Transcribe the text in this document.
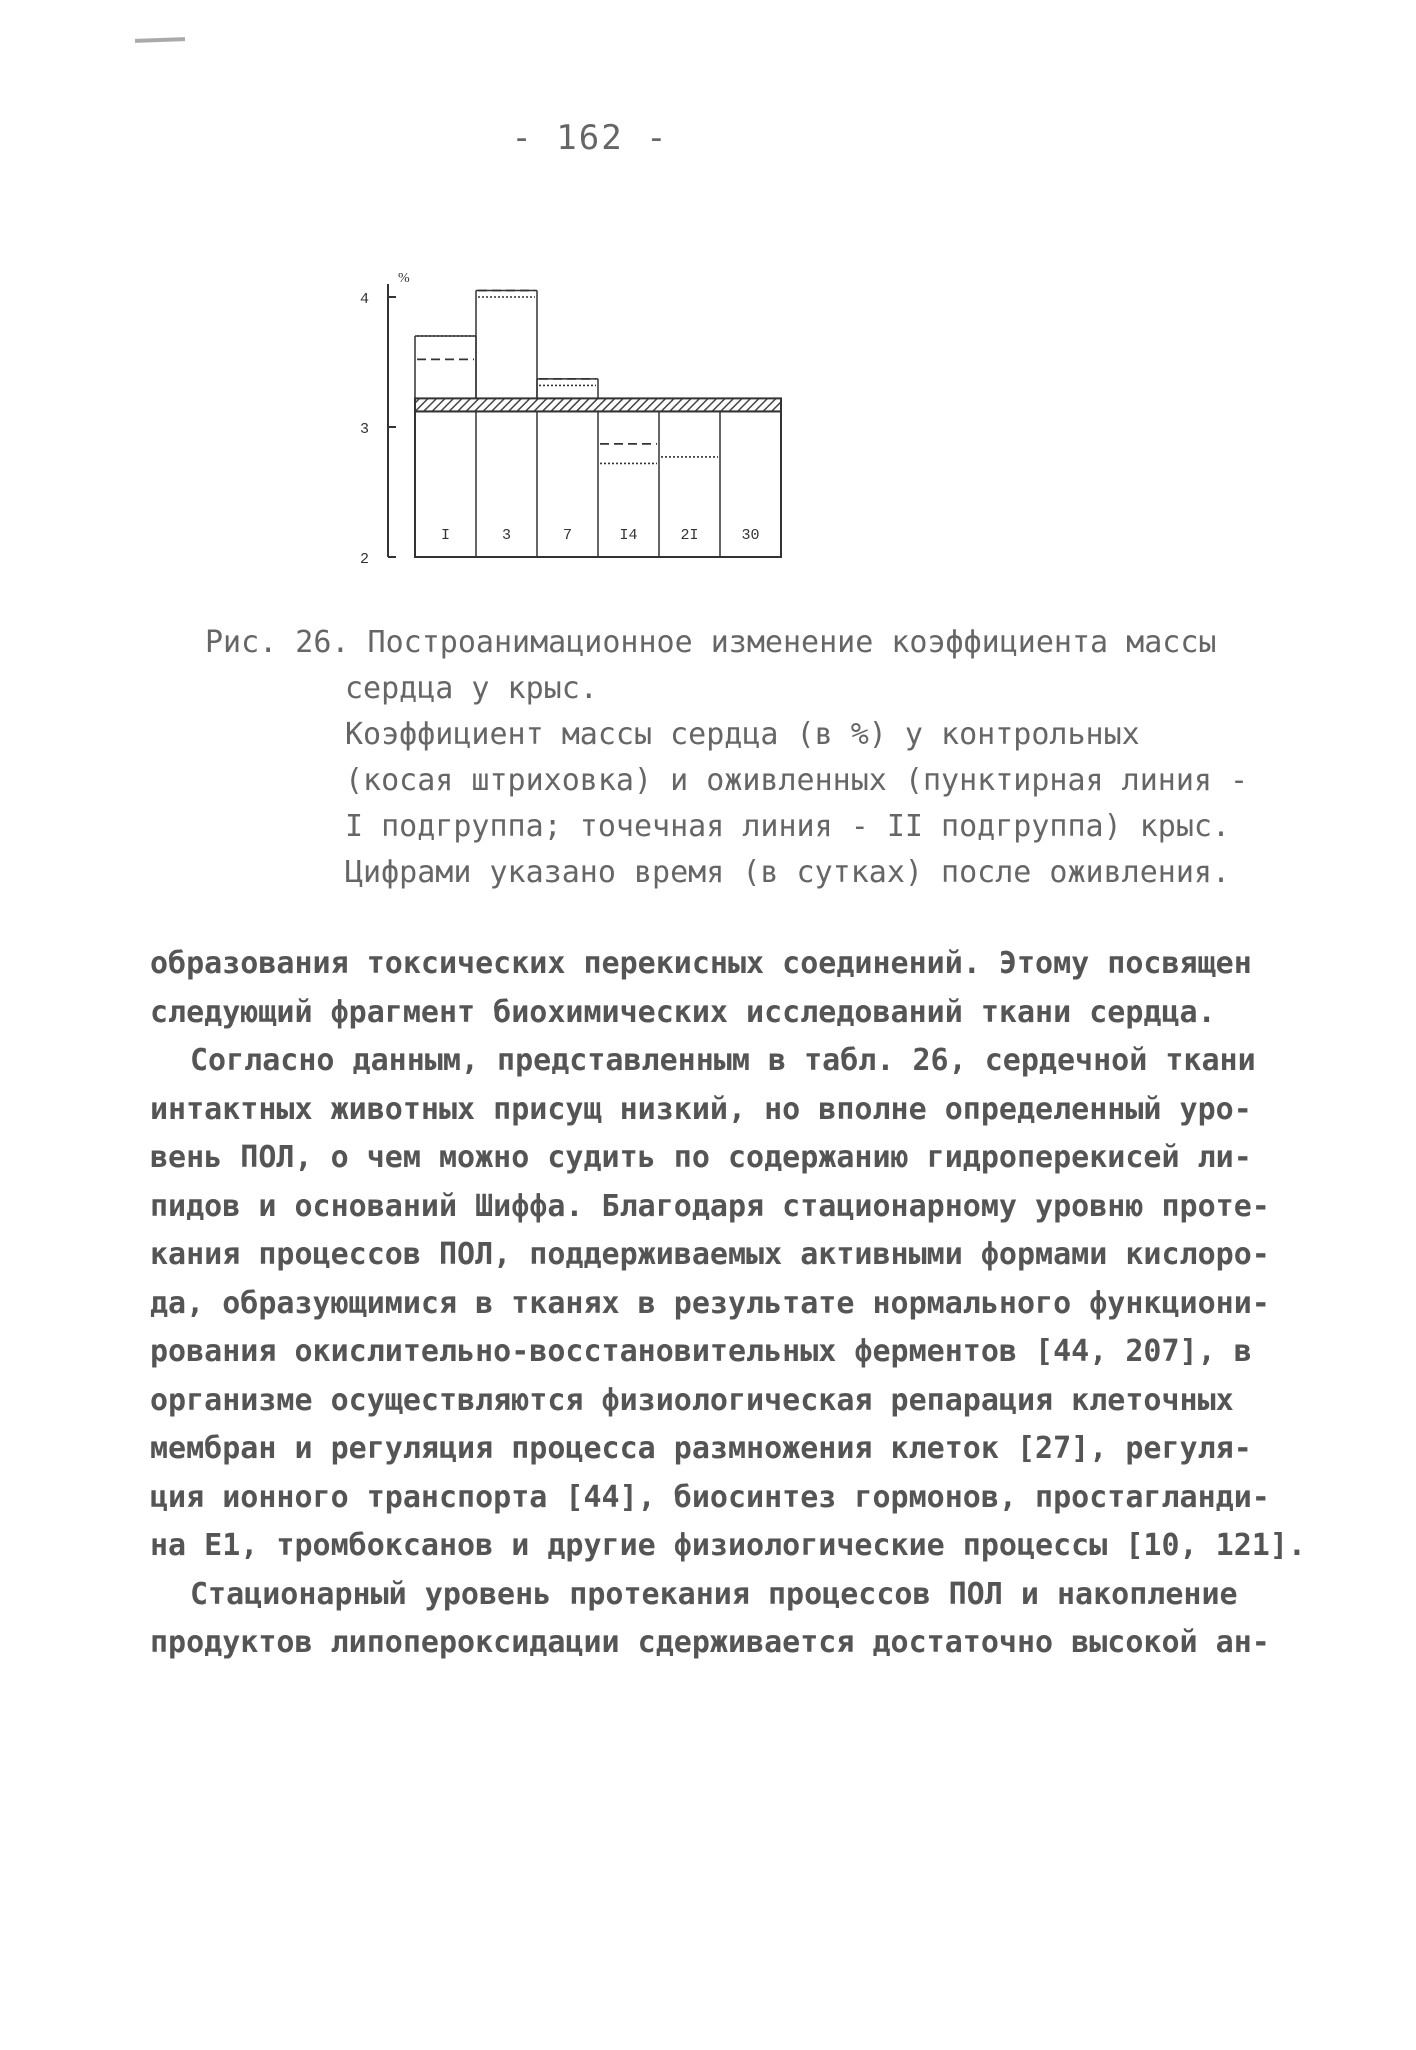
- 162 -
4
3
2
%
I	3	7	I4	2I	30
Рис. 26. Построанимационное изменение коэффициента массы
сердца у крыс.
Коэффициент массы сердца (в %) у контрольных
(косая штриховка) и оживленных (пунктирная линия -
I подгруппа; точечная линия - II подгруппа) крыс.
Цифрами указано время (в сутках) после оживления.
образования токсических перекисных соединений. Этому посвящен
следующий фрагмент биохимических исследований ткани сердца.
Согласно данным, представленным в табл. 26, сердечной ткани
интактных животных присущ низкий, но вполне определенный уро-
вень ПОЛ, о чем можно судить по содержанию гидроперекисей ли-
пидов и оснований Шиффа. Благодаря стационарному уровню проте-
кания процессов ПОЛ, поддерживаемых активными формами кислоро-
да, образующимися в тканях в результате нормального функциони-
рования окислительно-восстановительных ферментов [44, 207], в
организме осуществляются физиологическая репарация клеточных
мембран и регуляция процесса размножения клеток [27], регуля-
ция ионного транспорта [44], биосинтез гормонов, простагланди-
на E1, тромбоксанов и другие физиологические процессы [10, 121].
Стационарный уровень протекания процессов ПОЛ и накопление
продуктов липопероксидации сдерживается достаточно высокой ан-
